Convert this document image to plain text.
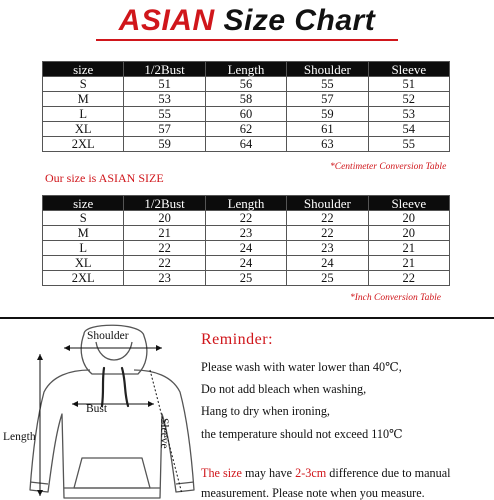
ASIAN Size Chart
size	1/2Bust	Length	Shoulder	Sleeve
S	51	56	55	51
M	53	58	57	52
L	55	60	59	53
XL	57	62	61	54
2XL	59	64	63	55
*Centimeter Conversion Table
Our size is ASIAN SIZE
size	1/2Bust	Length	Shoulder	Sleeve
S	20	22	22	20
M	21	23	22	20
L	22	24	23	21
XL	22	24	24	21
2XL	23	25	25	22
*Inch Conversion Table
Shoulder
Bust
Length	Sleeve
Reminder:
Please wash with water lower than 40℃,
Do not add bleach when washing,
Hang to dry when ironing,
the temperature should not exceed 110℃
The size may have 2-3cm difference due to manual
measurement. Please note when you measure.
